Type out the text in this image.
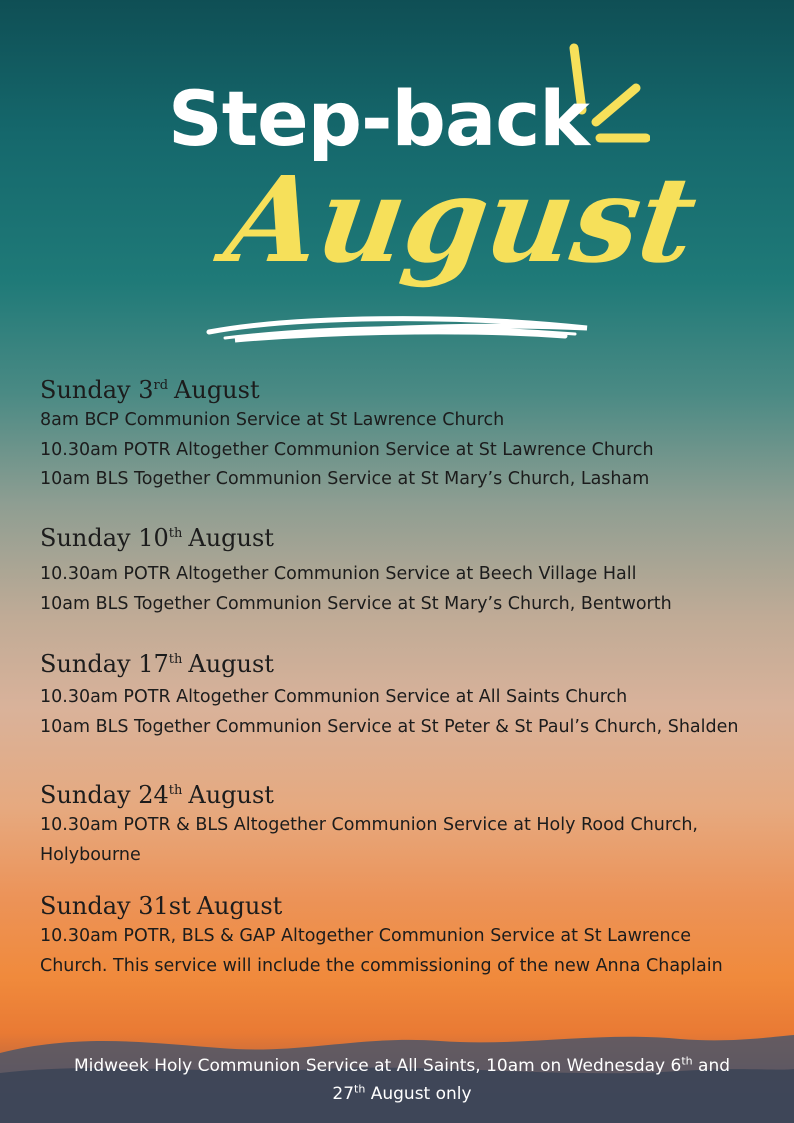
Step-back
August
Sunday 3rd August

8am BCP Communion Service at St Lawrence Church

10.30am POTR Altogether Communion Service at St Lawrence Church

10am BLS Together Communion Service at St Mary’s Church, Lasham

Sunday 10th August

10.30am POTR Altogether Communion Service at Beech Village Hall

10am BLS Together Communion Service at St Mary’s Church, Bentworth

Sunday 17th August

10.30am POTR Altogether Communion Service at All Saints Church

10am BLS Together Communion Service at St Peter & St Paul’s Church, Shalden

Sunday 24th August

10.30am POTR & BLS Altogether Communion Service at Holy Rood Church,

Holybourne

Sunday 31st August

10.30am POTR, BLS & GAP Altogether Communion Service at St Lawrence

Church. This service will include the commissioning of the new Anna Chaplain

Midweek Holy Communion Service at All Saints, 10am on Wednesday 6th and
27th August only
